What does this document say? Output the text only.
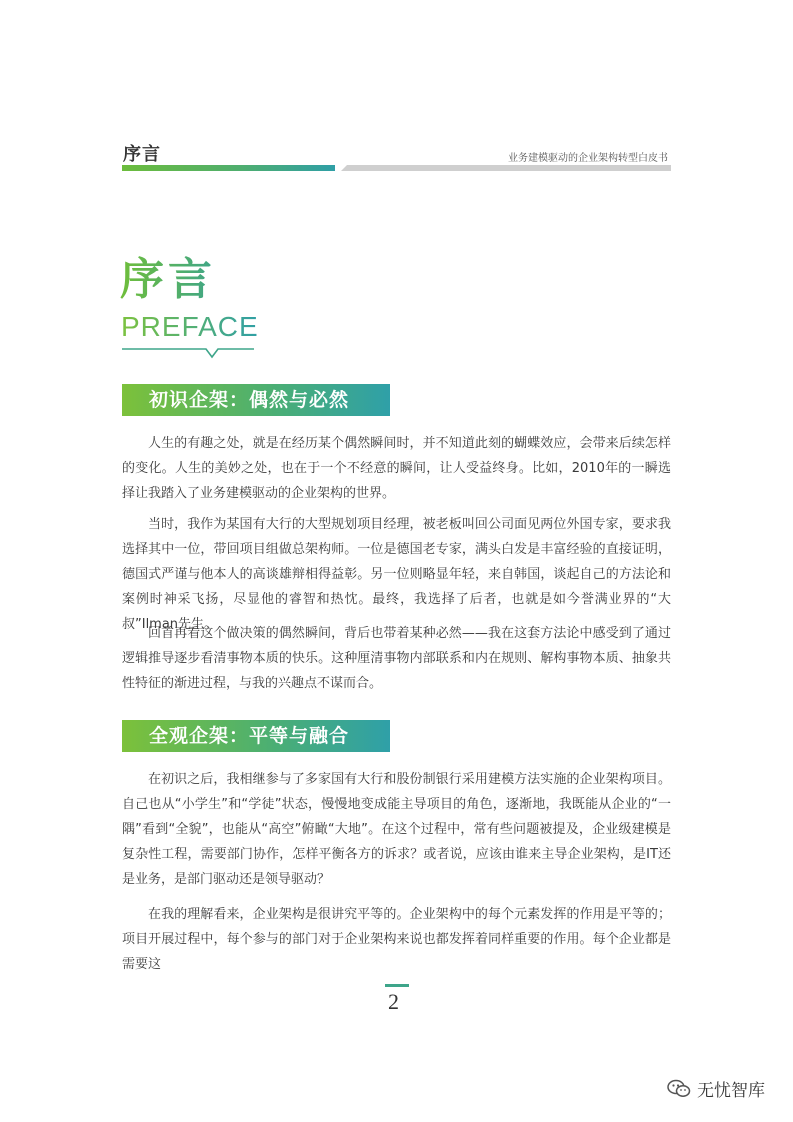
序言	业务建模驱动的企业架构转型白皮书
序言
PREFACE
初识企架：偶然与必然

人生的有趣之处，就是在经历某个偶然瞬间时，并不知道此刻的蝴蝶效应，会带来后续怎样的变化。人生的美妙之处，也在于一个不经意的瞬间，让人受益终身。比如，2010年的一瞬选择让我踏入了业务建模驱动的企业架构的世界。

当时，我作为某国有大行的大型规划项目经理，被老板叫回公司面见两位外国专家，要求我选择其中一位，带回项目组做总架构师。一位是德国老专家，满头白发是丰富经验的直接证明，德国式严谨与他本人的高谈雄辩相得益彰。另一位则略显年轻，来自韩国，谈起自己的方法论和案例时神采飞扬，尽显他的睿智和热忱。最终，我选择了后者，也就是如今誉满业界的“大叔”Ilman先生。

回首再看这个做决策的偶然瞬间，背后也带着某种必然——我在这套方法论中感受到了通过逻辑推导逐步看清事物本质的快乐。这种厘清事物内部联系和内在规则、解构事物本质、抽象共性特征的渐进过程，与我的兴趣点不谋而合。

全观企架：平等与融合

在初识之后，我相继参与了多家国有大行和股份制银行采用建模方法实施的企业架构项目。自己也从“小学生”和“学徒”状态，慢慢地变成能主导项目的角色，逐渐地，我既能从企业的“一隅”看到“全貌”，也能从“高空”俯瞰“大地”。在这个过程中，常有些问题被提及，企业级建模是复杂性工程，需要部门协作，怎样平衡各方的诉求？或者说，应该由谁来主导企业架构，是IT还是业务，是部门驱动还是领导驱动？

在我的理解看来，企业架构是很讲究平等的。企业架构中的每个元素发挥的作用是平等的；项目开展过程中，每个参与的部门对于企业架构来说也都发挥着同样重要的作用。每个企业都是需要这

2
无忧智库
